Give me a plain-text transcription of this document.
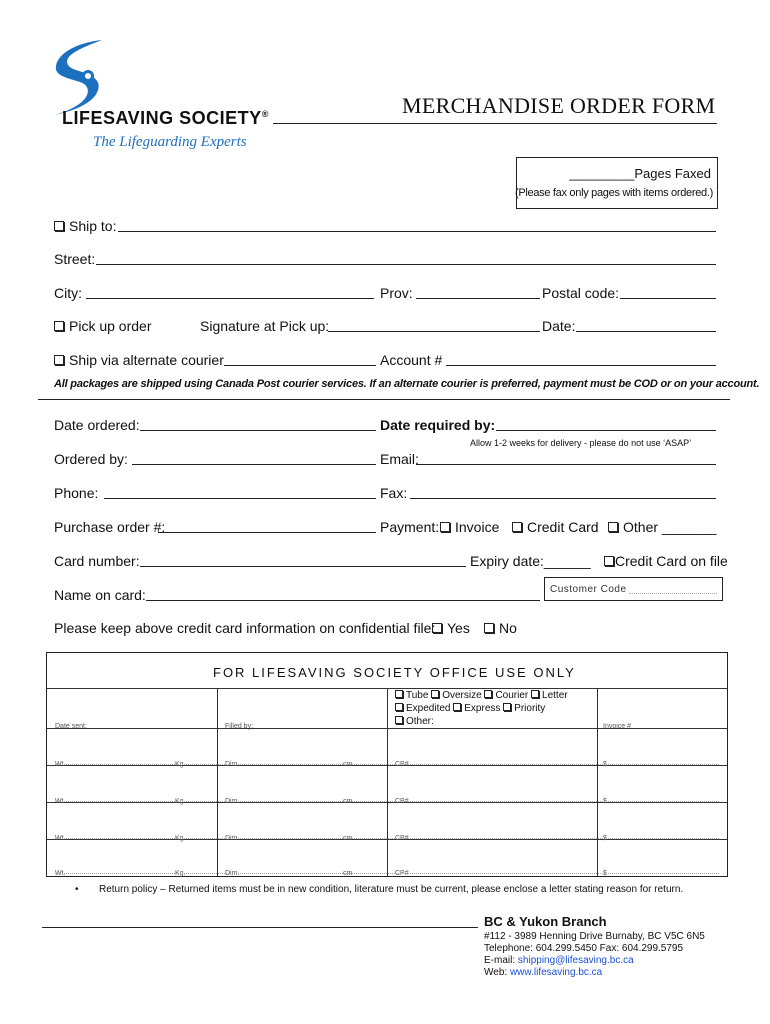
LIFESAVING SOCIETY®
The Lifeguarding Experts
MERCHANDISE ORDER FORM
_________Pages Faxed
(Please fax only pages with items ordered.)
Ship to:
Street:
City:	Prov:	Postal code:
Pick up order	Signature at Pick up:	Date:
Ship via alternate courier	Account #
All packages are shipped using Canada Post courier services. If an alternate courier is preferred, payment must be COD or on your account.
Date ordered:	Date required by:
Allow 1-2 weeks for delivery - please do not use ‘ASAP’
Ordered by:	Email:
Phone:	Fax:
Purchase order #:	Payment:	Invoice	Credit Card	Other _______
Card number:	Expiry date:______	Credit Card on file
Name on card:	Customer Code
Please keep above credit card information on confidential file: Yes	No
FOR LIFESAVING SOCIETY OFFICE USE ONLY
Date sent:	Filled by:
Tube Oversize Courier Letter
Expedited Express Priority
Other:	Invoice #
Wt.	Kg.	Dim.	cm	CP#	$
Wt.	Kg.	Dim.	cm	CP#	$
Wt.	Kg.	Dim.	cm	CP#	$
Wt.	Kg.	Dim.	cm	CP#	$
• Return policy – Returned items must be in new condition, literature must be current, please enclose a letter stating reason for return.
BC & Yukon Branch
#112 - 3989 Henning Drive Burnaby, BC V5C 6N5
Telephone: 604.299.5450 Fax: 604.299.5795
E-mail: shipping@lifesaving.bc.ca
Web: www.lifesaving.bc.ca
